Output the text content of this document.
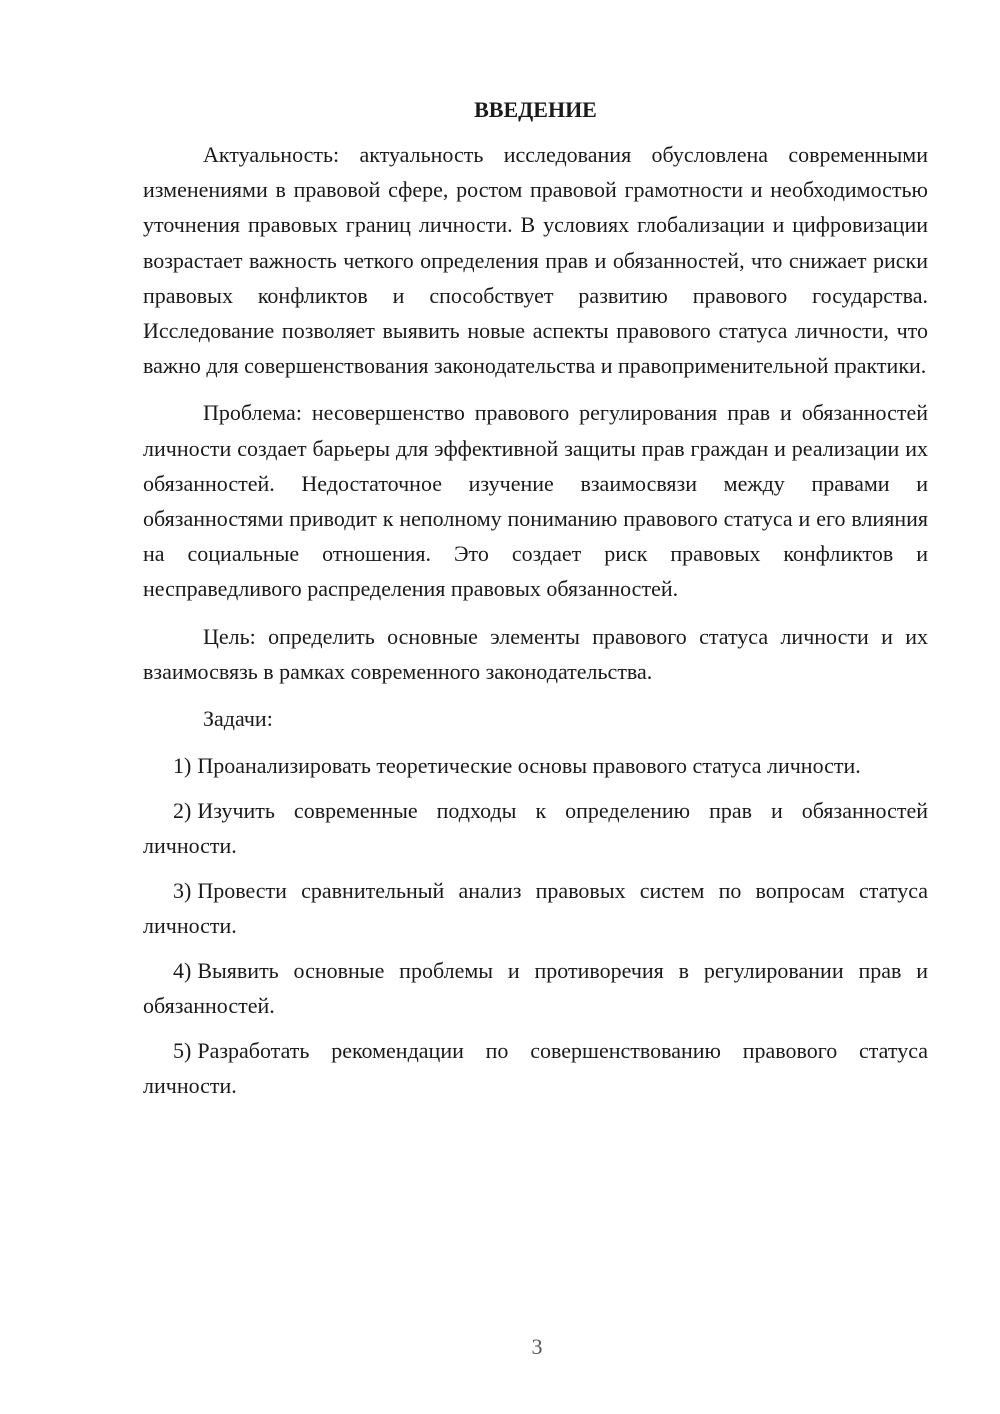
ВВЕДЕНИЕ

Актуальность: актуальность исследования обусловлена современными изменениями в правовой сфере, ростом правовой грамотности и необходимостью уточнения правовых границ личности. В условиях глобализации и цифровизации возрастает важность четкого определения прав и обязанностей, что снижает риски правовых конфликтов и способствует развитию правового государства. Исследование позволяет выявить новые аспекты правового статуса личности, что важно для совершенствования законодательства и правоприменительной практики.

Проблема: несовершенство правового регулирования прав и обязанностей личности создает барьеры для эффективной защиты прав граждан и реализации их обязанностей. Недостаточное изучение взаимосвязи между правами и обязанностями приводит к неполному пониманию правового статуса и его влияния на социальные отношения. Это создает риск правовых конфликтов и несправедливого распределения правовых обязанностей.

Цель: определить основные элементы правового статуса личности и их взаимосвязь в рамках современного законодательства.

Задачи:

1) Проанализировать теоретические основы правового статуса личности.

2) Изучить современные подходы к определению прав и обязанностей личности.

3) Провести сравнительный анализ правовых систем по вопросам статуса личности.

4) Выявить основные проблемы и противоречия в регулировании прав и обязанностей.

5) Разработать рекомендации по совершенствованию правового статуса личности.

3
